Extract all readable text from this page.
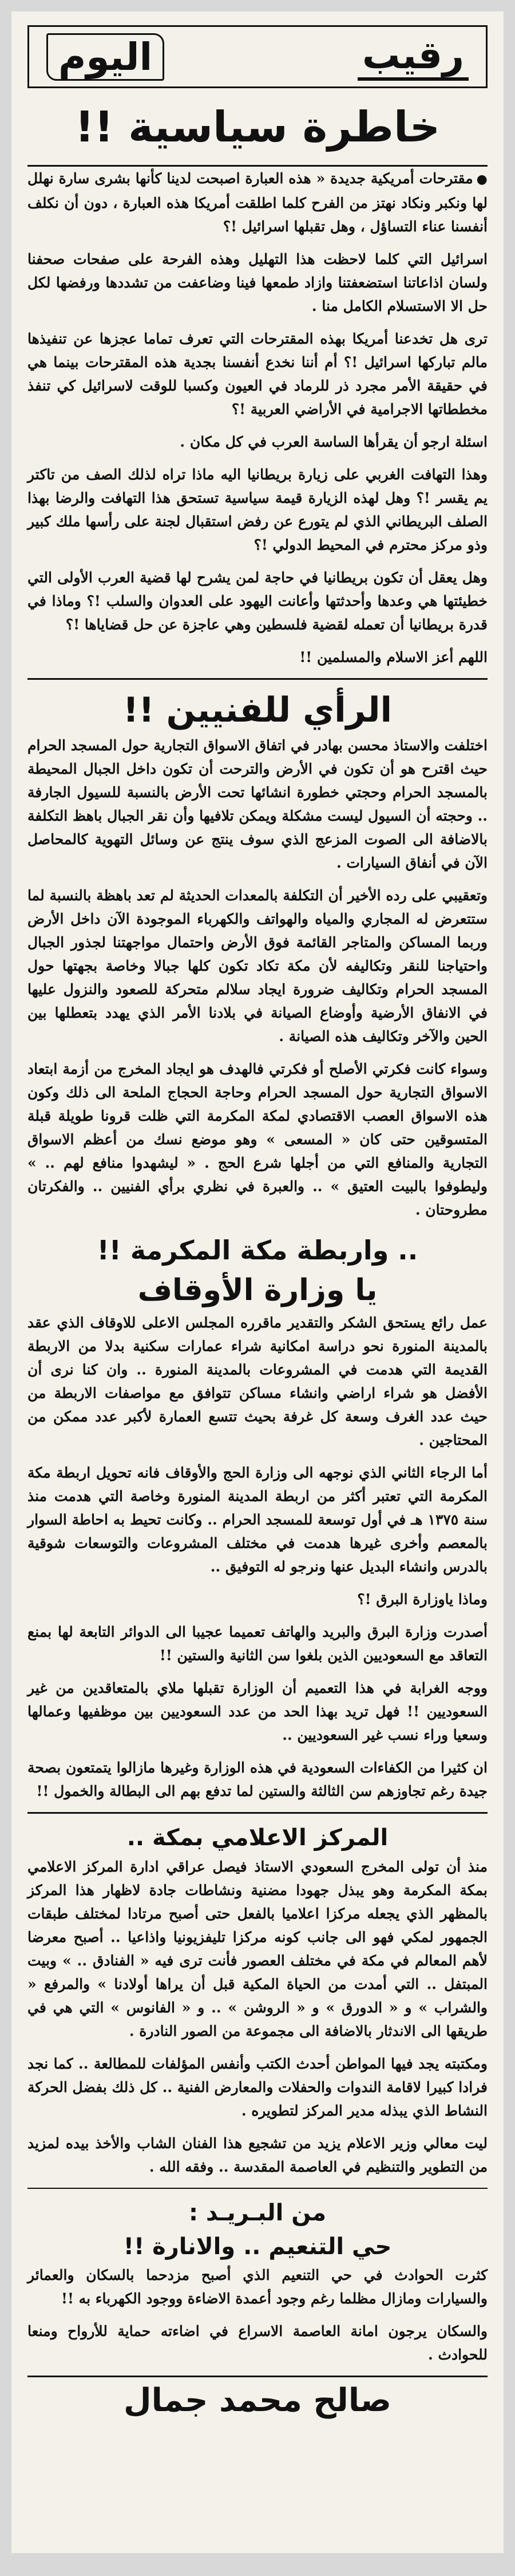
رقيب
اليوم
خاطرة سياسية !!

●مقترحات أمريكية جديدة « هذه العبارة اصبحت لدينا كأنها بشرى سارة نهلل لها ونكبر ونكاد نهتز من الفرح كلما اطلقت أمريكا هذه العبارة ، دون أن نكلف أنفسنا عناء التساؤل ، وهل تقبلها اسرائيل !؟

اسرائيل التي كلما لاحظت هذا التهليل وهذه الفرحة على صفحات صحفنا ولسان اذاعاتنا استضعفتنا وازاد طمعها فينا وضاعفت من تشددها ورفضها لكل حل الا الاستسلام الكامل منا .

ترى هل تخدعنا أمريكا بهذه المقترحات التي تعرف تماما عجزها عن تنفيذها مالم تباركها اسرائيل !؟ أم أننا نخدع أنفسنا بجدية هذه المقترحات بينما هي في حقيقة الأمر مجرد ذر للرماد في العيون وكسبا للوقت لاسرائيل كي تنفذ مخططاتها الاجرامية في الأراضي العربية !؟

اسئلة ارجو أن يقرأها الساسة العرب في كل مكان .

وهذا التهافت الغربي على زيارة بريطانيا اليه ماذا تراه لذلك الصف من تاكتر يم يقسر !؟ وهل لهذه الزيارة قيمة سياسية تستحق هذا التهافت والرضا بهذا الصلف البريطاني الذي لم يتورع عن رفض استقبال لجنة على رأسها ملك كبير وذو مركز محترم في المحيط الدولي !؟

وهل يعقل أن تكون بريطانيا في حاجة لمن يشرح لها قضية العرب الأولى التي خطيئتها هي وعدها وأحدثتها وأعانت اليهود على العدوان والسلب !؟ وماذا في قدرة بريطانيا أن تعمله لقضية فلسطين وهي عاجزة عن حل قضاياها !؟

اللهم أعز الاسلام والمسلمين !!

الرأي للفنيين !!

اختلفت والاستاذ محسن بهادر في اتفاق الاسواق التجارية حول المسجد الحرام حيث اقترح هو أن تكون في الأرض والترحت أن تكون داخل الجبال المحيطة بالمسجد الحرام وحجتي خطورة انشائها تحت الأرض بالنسبة للسيول الجارفة .. وحجته أن السيول ليست مشكلة ويمكن تلافيها وأن نقر الجبال باهظ التكلفة بالاضافة الى الصوت المزعج الذي سوف ينتج عن وسائل التهوية كالمحاصل الآن في أنفاق السيارات .

وتعقيبي على رده الأخير أن التكلفة بالمعدات الحديثة لم تعد باهظة بالنسبة لما ستتعرض له المجاري والمياه والهواتف والكهرباء الموجودة الآن داخل الأرض وربما المساكن والمتاجر القائمة فوق الأرض واحتمال مواجهتنا لجذور الجبال واحتياجنا للنقر وتكاليفه لأن مكة تكاد تكون كلها جبالا وخاصة بجهتها حول المسجد الحرام وتكاليف ضرورة ايجاد سلالم متحركة للصعود والنزول عليها في الانفاق الأرضية وأوضاع الصيانة في بلادنا الأمر الذي يهدد بتعطلها بين الحين والآخر وتكاليف هذه الصيانة .

وسواء كانت فكرتي الأصلح أو فكرتي فالهدف هو ايجاد المخرج من أزمة ابتعاد الاسواق التجارية حول المسجد الحرام وحاجة الحجاج الملحة الى ذلك وكون هذه الاسواق العصب الاقتصادي لمكة المكرمة التي ظلت قرونا طويلة قبلة المتسوقين حتى كان « المسعى » وهو موضع نسك من أعظم الاسواق التجارية والمنافع التي من أجلها شرع الحج . « ليشهدوا منافع لهم .. » وليطوفوا بالبيت العتيق » .. والعبرة في نظري برأي الفنيين .. والفكرتان مطروحتان .

.. واربطة مكة المكرمة !!
يا وزارة الأوقاف

عمل رائع يستحق الشكر والتقدير ماقرره المجلس الاعلى للاوقاف الذي عقد بالمدينة المنورة نحو دراسة امكانية شراء عمارات سكنية بدلا من الاربطة القديمة التي هدمت في المشروعات بالمدينة المنورة .. وان كنا نرى أن الأفضل هو شراء اراضي وانشاء مساكن تتوافق مع مواصفات الاربطة من حيث عدد الغرف وسعة كل غرفة بحيث تتسع العمارة لأكبر عدد ممكن من المحتاجين .

أما الرجاء الثاني الذي نوجهه الى وزارة الحج والأوقاف فانه تحويل اربطة مكة المكرمة التي تعتبر أكثر من اربطة المدينة المنورة وخاصة التي هدمت منذ سنة ١٣٧٥ هـ في أول توسعة للمسجد الحرام .. وكانت تحيط به احاطة السوار بالمعصم وأخرى غيرها هدمت في مختلف المشروعات والتوسعات شوقية بالدرس وانشاء البديل عنها ونرجو له التوفيق ..

وماذا ياوزارة البرق !؟

أصدرت وزارة البرق والبريد والهاتف تعميما عجيبا الى الدوائر التابعة لها بمنع التعاقد مع السعوديين الذين بلغوا سن الثانية والستين !!

ووجه الغرابة في هذا التعميم أن الوزارة تقبلها ملاي بالمتعاقدين من غير السعوديين !! فهل تريد بهذا الحد من عدد السعوديين بين موظفيها وعمالها وسعيا وراء نسب غير السعوديين ..

ان كثيرا من الكفاءات السعودية في هذه الوزارة وغيرها مازالوا يتمتعون بصحة جيدة رغم تجاوزهم سن الثالثة والستين لما تدفع بهم الى البطالة والخمول !!

المركز الاعلامي بمكة ..

منذ أن تولى المخرج السعودي الاستاذ فيصل عراقي ادارة المركز الاعلامي بمكة المكرمة وهو يبذل جهودا مضنية ونشاطات جادة لاظهار هذا المركز بالمظهر الذي يجعله مركزا اعلاميا بالفعل حتى أصبح مرتادا لمختلف طبقات الجمهور لمكي فهو الى جانب كونه مركزا تليفزيونيا واذاعيا .. أصبح معرضا لأهم المعالم في مكة في مختلف العصور فأنت ترى فيه « الفنادق .. » وبيت المبتفل .. التي أمدت من الحياة المكية قبل أن يراها أولادنا » والمرفع « والشراب » و « الدورق » و « الروشن » .. و « الفانوس » التي هي في طريقها الى الاندثار بالاضافة الى مجموعة من الصور النادرة .

ومكتبته يجد فيها المواطن أحدث الكتب وأنفس المؤلفات للمطالعة .. كما نجد فرادا كبيرا لاقامة الندوات والحفلات والمعارض الفنية .. كل ذلك بفضل الحركة النشاط الذي يبذله مدير المركز لتطويره .

ليت معالي وزير الاعلام يزيد من تشجيع هذا الفنان الشاب والأخذ بيده لمزيد من التطوير والتنظيم في العاصمة المقدسة .. وفقه الله .

من البـريـد :
حي التنعيم .. والانارة !!

كثرت الحوادث في حي التنعيم الذي أصبح مزدحما بالسكان والعمائر والسيارات ومازال مظلما رغم وجود أعمدة الاضاءة ووجود الكهرباء به !!

والسكان يرجون امانة العاصمة الاسراع في اضاءته حماية للأرواح ومنعا للحوادث .

صالح محمد جمال
